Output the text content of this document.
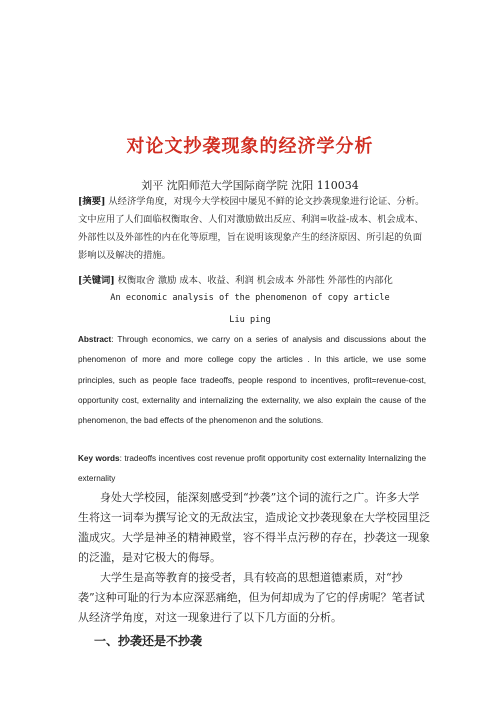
对论文抄袭现象的经济学分析
刘平 沈阳师范大学国际商学院 沈阳 110034
[摘要] 从经济学角度，对现今大学校园中屡见不鲜的论文抄袭现象进行论证、分析。文中应用了人们面临权衡取舍、人们对激励做出反应、利润=收益-成本、机会成本、外部性以及外部性的内在化等原理，旨在说明该现象产生的经济原因、所引起的负面影响以及解决的措施。
[关键词] 权衡取舍 激励 成本、收益、利润 机会成本 外部性 外部性的内部化
An economic analysis of the phenomenon of copy article
Liu ping
Abstract: Through economics, we carry on a series of analysis and discussions about the phenomenon of more and more college copy the articles . In this article, we use some principles, such as people face tradeoffs, people respond to incentives, profit=revenue-cost, opportunity cost, externality and internalizing the externality, we also explain the cause of the phenomenon, the bad effects of the phenomenon and the solutions.
Key words: tradeoffs incentives cost revenue profit opportunity cost externality Internalizing the externality
身处大学校园，能深刻感受到“抄袭”这个词的流行之广。许多大学生将这一词奉为撰写论文的无敌法宝，造成论文抄袭现象在大学校园里泛滥成灾。大学是神圣的精神殿堂，容不得半点污秽的存在，抄袭这一现象的泛滥，是对它极大的侮辱。
大学生是高等教育的接受者，具有较高的思想道德素质，对“抄袭”这种可耻的行为本应深恶痛绝，但为何却成为了它的俘虏呢？笔者试从经济学角度，对这一现象进行了以下几方面的分析。
一、抄袭还是不抄袭
